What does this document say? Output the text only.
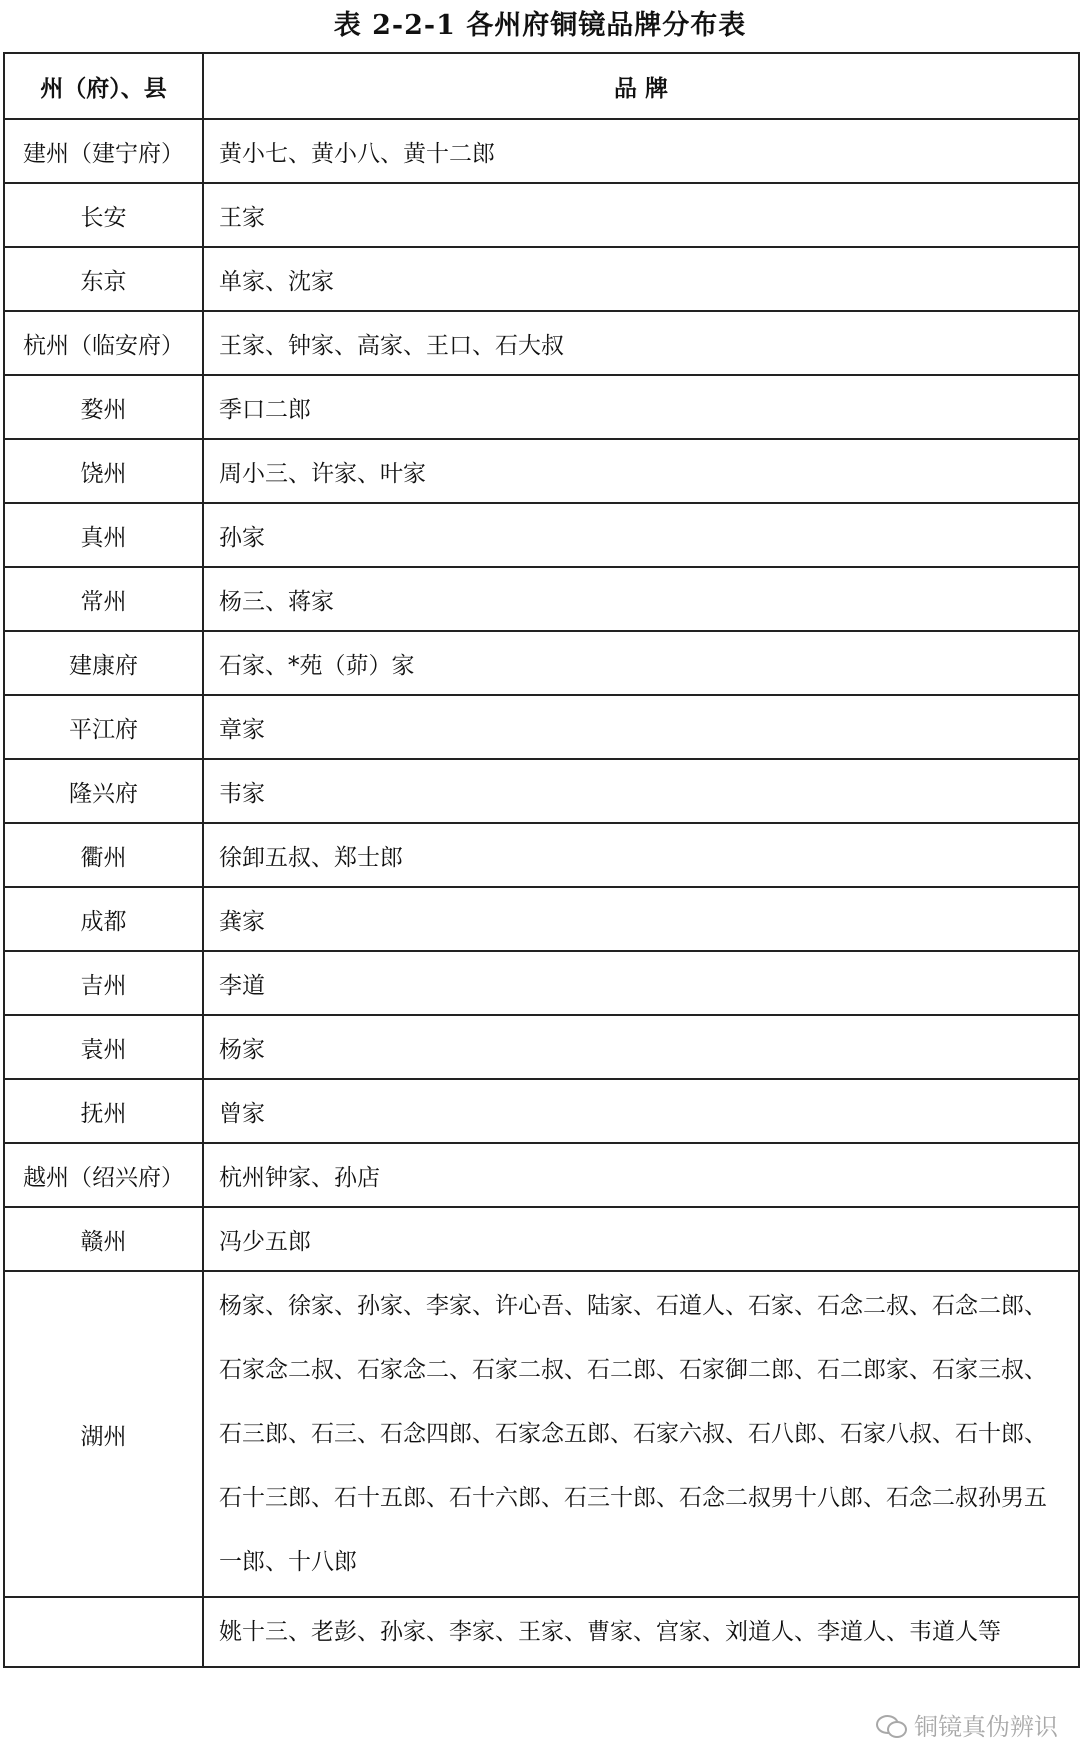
表 2-2-1 各州府铜镜品牌分布表
州（府）、县	品 牌
建州（建宁府）	黄小七、黄小八、黄十二郎
长安	王家
东京	单家、沈家
杭州（临安府）	王家、钟家、高家、王口、石大叔
婺州	季口二郎
饶州	周小三、许家、叶家
真州	孙家
常州	杨三、蒋家
建康府	石家、*苑（茆）家
平江府	章家
隆兴府	韦家
衢州	徐卸五叔、郑士郎
成都	龚家
吉州	李道
袁州	杨家
抚州	曾家
越州（绍兴府）	杭州钟家、孙店
赣州	冯少五郎
湖州	杨家、徐家、孙家、李家、许心吾、陆家、石道人、石家、石念二叔、石念二郎、石家念二叔、石家念二、石家二叔、石二郎、石家御二郎、石二郎家、石家三叔、石三郎、石三、石念四郎、石家念五郎、石家六叔、石八郎、石家八叔、石十郎、石十三郎、石十五郎、石十六郎、石三十郎、石念二叔男十八郎、石念二叔孙男五一郎、十八郎
	姚十三、老彭、孙家、李家、王家、曹家、宫家、刘道人、李道人、韦道人等
铜镜真伪辨识
